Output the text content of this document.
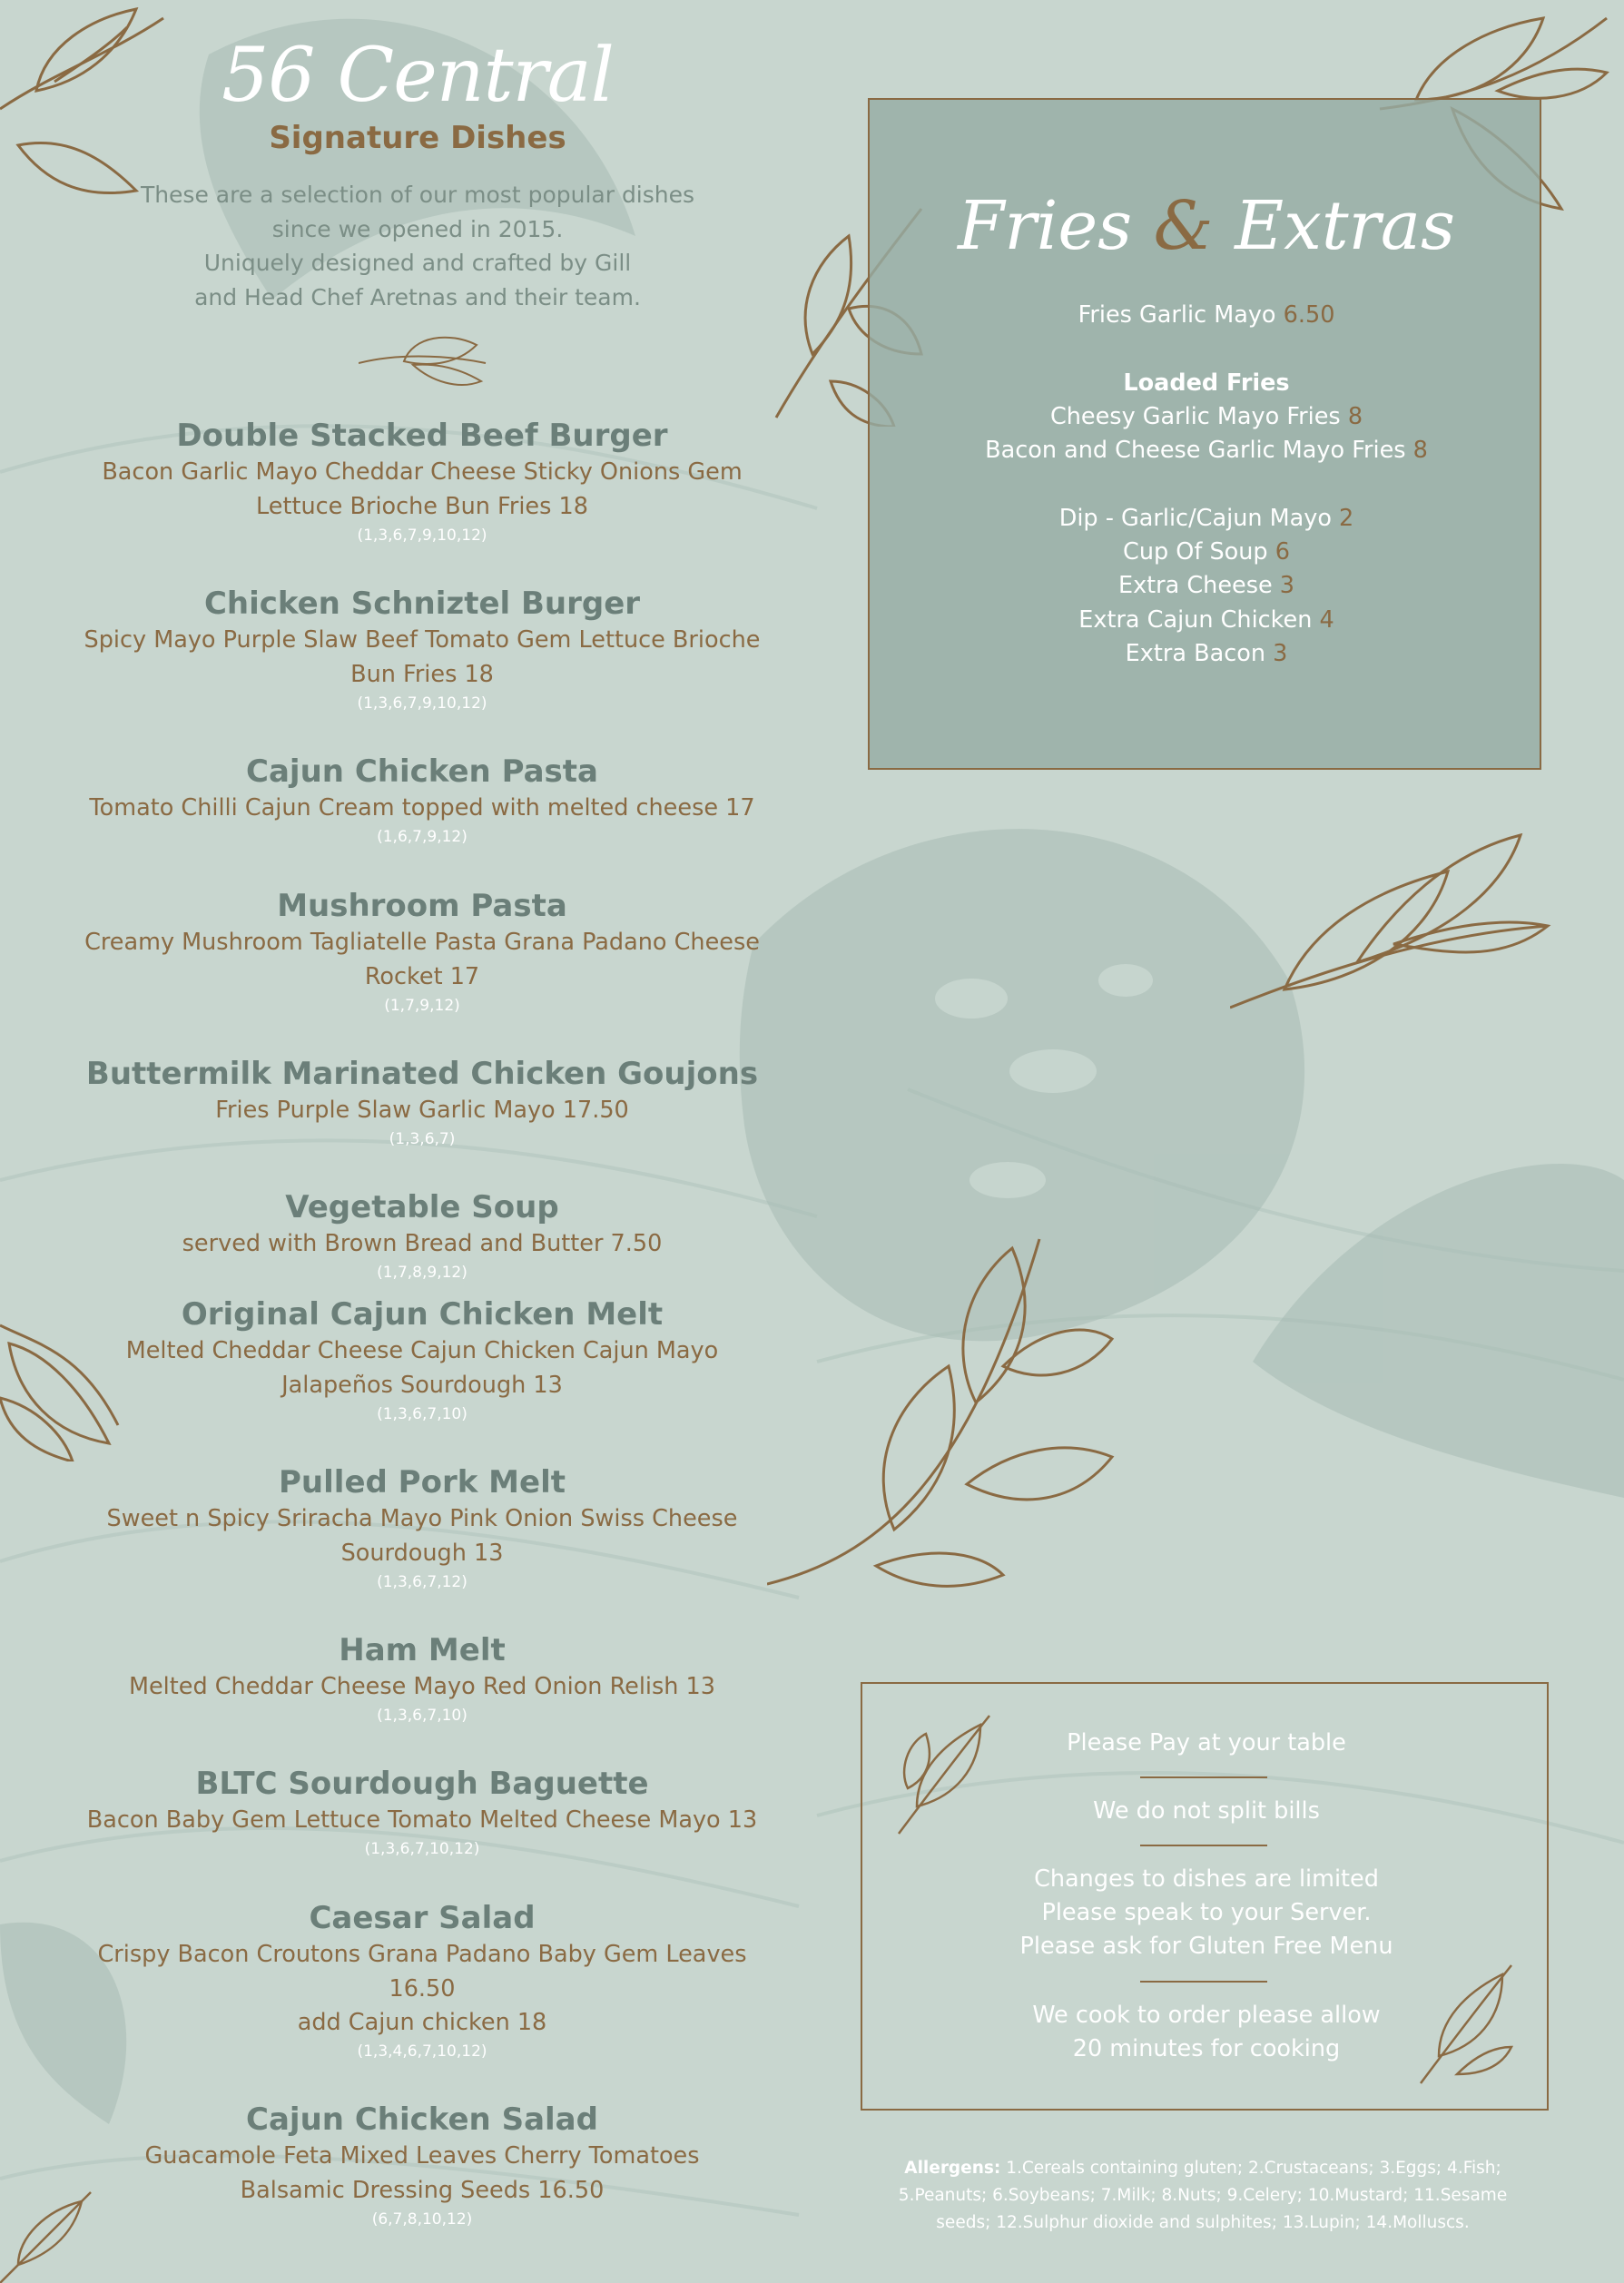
56 Central
Signature Dishes
These are a selection of our most popular dishes
since we opened in 2015.
Uniquely designed and crafted by Gill
and Head Chef Aretnas and their team.
Double Stacked Beef Burger
Bacon Garlic Mayo Cheddar Cheese Sticky Onions Gem
Lettuce Brioche Bun Fries 18
(1,3,6,7,9,10,12)
Chicken Schniztel Burger
Spicy Mayo Purple Slaw Beef Tomato Gem Lettuce Brioche
Bun Fries 18
(1,3,6,7,9,10,12)
Cajun Chicken Pasta
Tomato Chilli Cajun Cream topped with melted cheese 17
(1,6,7,9,12)
Mushroom Pasta
Creamy Mushroom Tagliatelle Pasta Grana Padano Cheese
Rocket 17
(1,7,9,12)
Buttermilk Marinated Chicken Goujons
Fries Purple Slaw Garlic Mayo 17.50
(1,3,6,7)
Vegetable Soup
served with Brown Bread and Butter 7.50
(1,7,8,9,12)
Original Cajun Chicken Melt
Melted Cheddar Cheese Cajun Chicken Cajun Mayo
Jalapeños Sourdough 13
(1,3,6,7,10)
Pulled Pork Melt
Sweet n Spicy Sriracha Mayo Pink Onion Swiss Cheese
Sourdough 13
(1,3,6,7,12)
Ham Melt
Melted Cheddar Cheese Mayo Red Onion Relish 13
(1,3,6,7,10)
BLTC Sourdough Baguette
Bacon Baby Gem Lettuce Tomato Melted Cheese Mayo 13
(1,3,6,7,10,12)
Caesar Salad
Crispy Bacon Croutons Grana Padano Baby Gem Leaves
16.50
add Cajun chicken 18
(1,3,4,6,7,10,12)
Cajun Chicken Salad
Guacamole Feta Mixed Leaves Cherry Tomatoes
Balsamic Dressing Seeds 16.50
(6,7,8,10,12)
Fries & Extras
Fries Garlic Mayo 6.50
Loaded Fries
Cheesy Garlic Mayo Fries 8
Bacon and Cheese Garlic Mayo Fries 8
Dip - Garlic/Cajun Mayo 2
Cup Of Soup 6
Extra Cheese 3
Extra Cajun Chicken 4
Extra Bacon 3
Please Pay at your table
We do not split bills
Changes to dishes are limited
Please speak to your Server.
Please ask for Gluten Free Menu
We cook to order please allow
20 minutes for cooking
Allergens: 1.Cereals containing gluten; 2.Crustaceans; 3.Eggs; 4.Fish;
5.Peanuts; 6.Soybeans; 7.Milk; 8.Nuts; 9.Celery; 10.Mustard; 11.Sesame
seeds; 12.Sulphur dioxide and sulphites; 13.Lupin; 14.Molluscs.
